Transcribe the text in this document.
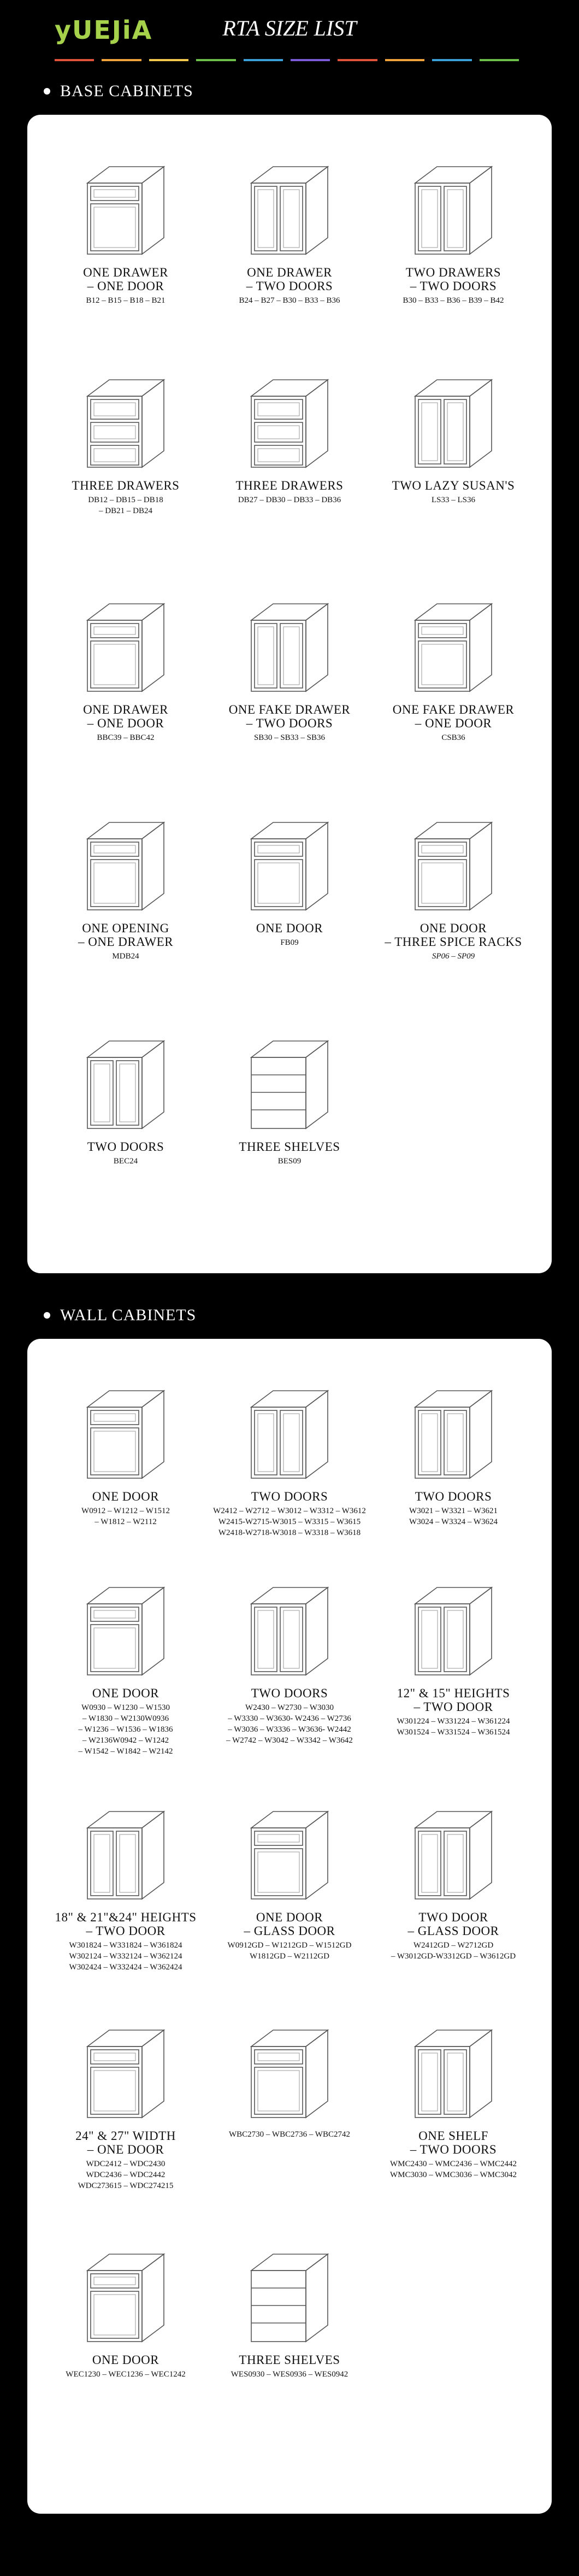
yUEJiA	RTA SIZE LIST
BASE CABINETS
ONE DRAWER
– ONE DOOR
B12 – B15 – B18 – B21
ONE DRAWER
– TWO DOORS
B24 – B27 – B30 – B33 – B36
TWO DRAWERS
– TWO DOORS
B30 – B33 – B36 – B39 – B42
THREE DRAWERS
DB12 – DB15 – DB18
– DB21 – DB24
THREE DRAWERS
DB27 – DB30 – DB33 – DB36
TWO LAZY SUSAN'S
LS33 – LS36
ONE DRAWER
– ONE DOOR
BBC39 – BBC42
ONE FAKE DRAWER
– TWO DOORS
SB30 – SB33 – SB36
ONE FAKE DRAWER
– ONE DOOR
CSB36
ONE OPENING
– ONE DRAWER
MDB24
ONE DOOR
FB09
ONE DOOR
– THREE SPICE RACKS
SP06 – SP09
TWO DOORS
BEC24
THREE SHELVES
BES09
WALL CABINETS
ONE DOOR
W0912 – W1212 – W1512
– W1812 – W2112
TWO DOORS
W2412 – W2712 – W3012 – W3312 – W3612
W2415-W2715-W3015 – W3315 – W3615
W2418-W2718-W3018 – W3318 – W3618
TWO DOORS
W3021 – W3321 – W3621
W3024 – W3324 – W3624
ONE DOOR
W0930 – W1230 – W1530
– W1830 – W2130W0936
– W1236 – W1536 – W1836
– W2136W0942 – W1242
– W1542 – W1842 – W2142
TWO DOORS
W2430 – W2730 – W3030
– W3330 – W3630- W2436 – W2736
– W3036 – W3336 – W3636- W2442
– W2742 – W3042 – W3342 – W3642
12" & 15" HEIGHTS
– TWO DOOR
W301224 – W331224 – W361224
W301524 – W331524 – W361524
18" & 21"&24" HEIGHTS
– TWO DOOR
W301824 – W331824 – W361824
W302124 – W332124 – W362124
W302424 – W332424 – W362424
ONE DOOR
– GLASS DOOR
W0912GD – W1212GD – W1512GD
W1812GD – W2112GD
TWO DOOR
– GLASS DOOR
W2412GD – W2712GD
– W3012GD-W3312GD – W3612GD
24" & 27" WIDTH
– ONE DOOR
WDC2412 – WDC2430
WDC2436 – WDC2442
WDC273615 – WDC274215
WBC2730 – WBC2736 – WBC2742	ONE SHELF
– TWO DOORS
WMC2430 – WMC2436 – WMC2442
WMC3030 – WMC3036 – WMC3042
ONE DOOR
WEC1230 – WEC1236 – WEC1242
THREE SHELVES
WES0930 – WES0936 – WES0942
